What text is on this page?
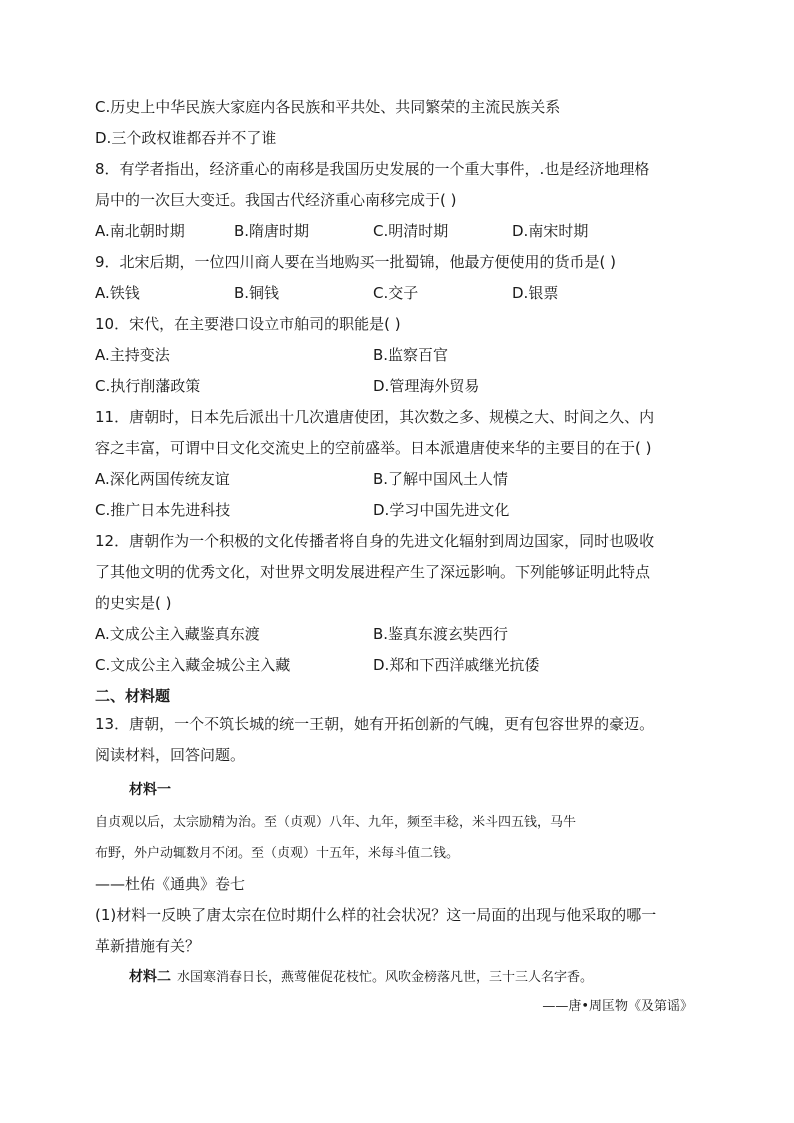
C.历史上中华民族大家庭内各民族和平共处、共同繁荣的主流民族关系
D.三个政权谁都吞并不了谁
8．有学者指出，经济重心的南移是我国历史发展的一个重大事件，.也是经济地理格
局中的一次巨大变迁。我国古代经济重心南移完成于( )
A.南北朝时期	B.隋唐时期	C.明清时期	D.南宋时期
9．北宋后期，一位四川商人要在当地购买一批蜀锦，他最方便使用的货币是( )
A.铁钱	B.铜钱	C.交子	D.银票
10．宋代，在主要港口设立市舶司的职能是( )
A.主持变法	B.监察百官
C.执行削藩政策	D.管理海外贸易
11．唐朝时，日本先后派出十几次遣唐使团，其次数之多、规模之大、时间之久、内
容之丰富，可谓中日文化交流史上的空前盛举。日本派遣唐使来华的主要目的在于( )
A.深化两国传统友谊	B.了解中国风土人情
C.推广日本先进科技	D.学习中国先进文化
12．唐朝作为一个积极的文化传播者将自身的先进文化辐射到周边国家，同时也吸收
了其他文明的优秀文化，对世界文明发展进程产生了深远影响。下列能够证明此特点
的史实是( )
A.文成公主入藏鉴真东渡	B.鉴真东渡玄奘西行
C.文成公主入藏金城公主入藏	D.郑和下西洋戚继光抗倭
二、材料题
13．唐朝，一个不筑长城的统一王朝，她有开拓创新的气魄，更有包容世界的豪迈。
阅读材料，回答问题。
材料一
自贞观以后，太宗励精为治。至（贞观）八年、九年，频至丰稔，米斗四五钱，马牛
布野，外户动辄数月不闭。至（贞观）十五年，米每斗值二钱。
——杜佑《通典》卷七
(1)材料一反映了唐太宗在位时期什么样的社会状况？这一局面的出现与他采取的哪一
革新措施有关？
材料二 水国寒消春日长，燕莺催促花枝忙。风吹金榜落凡世，三十三人名字香。
——唐•周匡物《及第谣》
